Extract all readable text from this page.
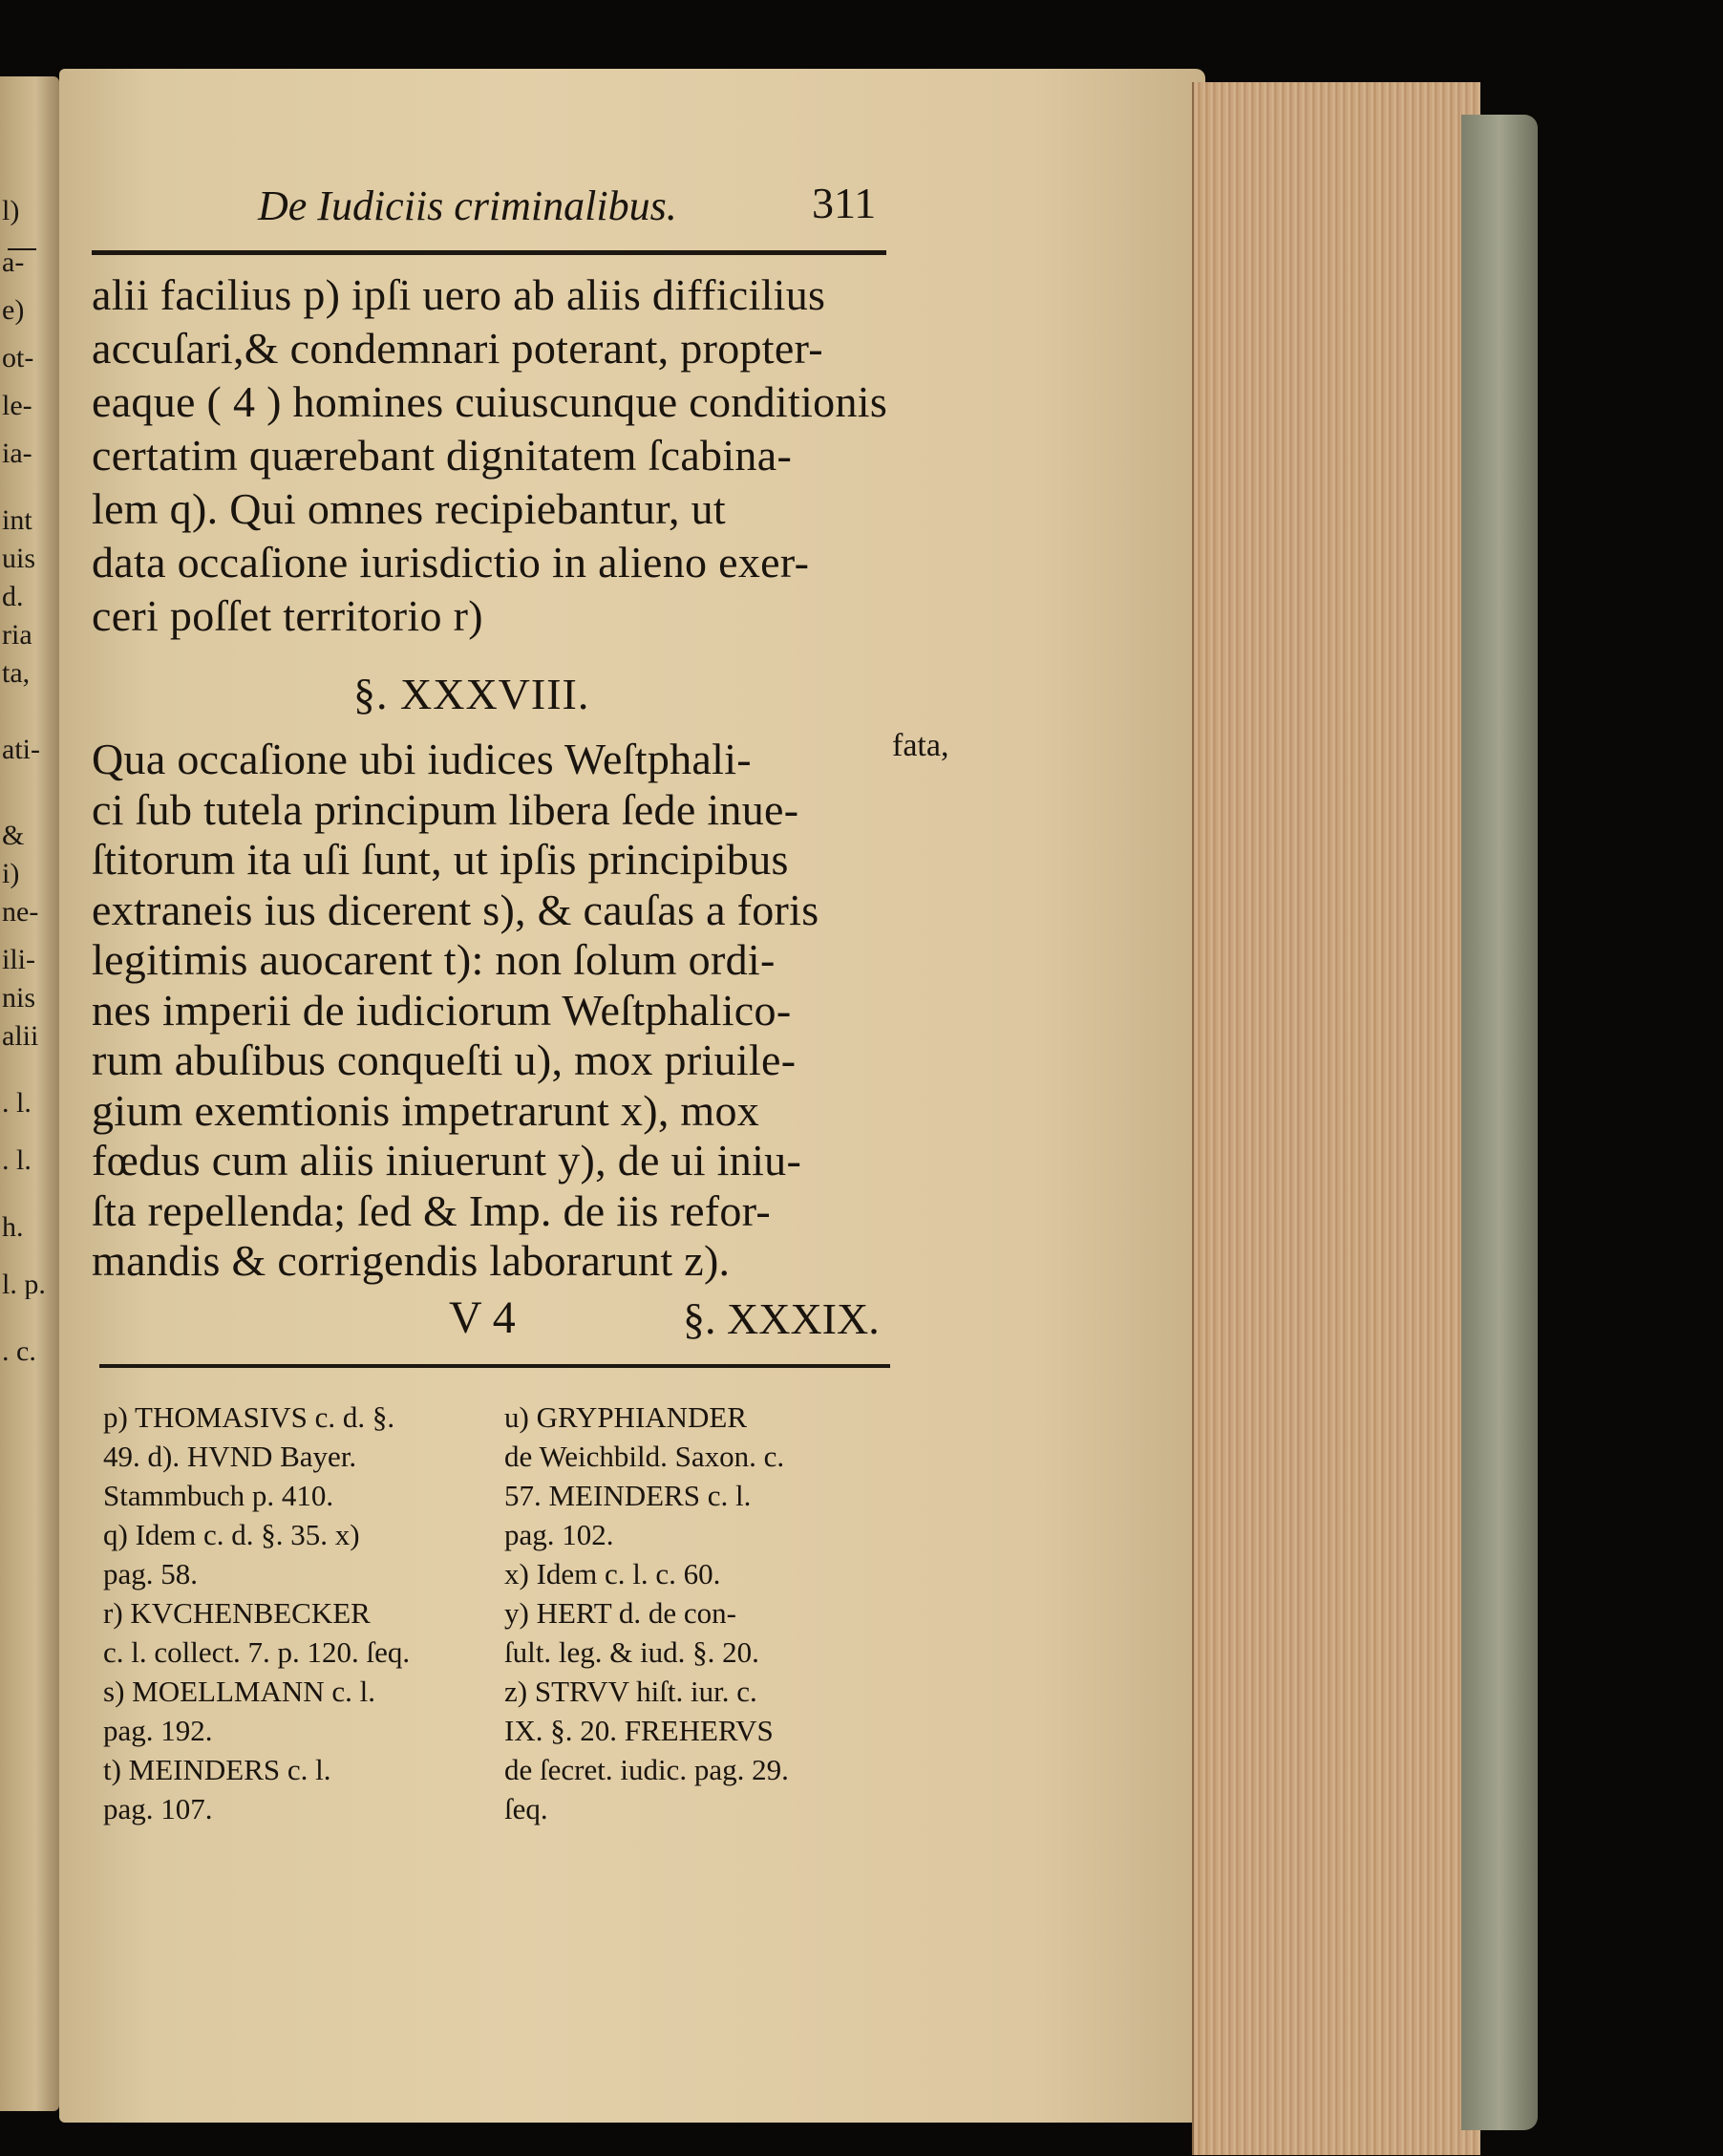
l)
a-
e)
ot-
le-
ia-
int
uis
d.
ria
ta,
ati-
&
i)
ne-
ili-
nis
alii
. l.
. l.
h.
l. p.
. c.
De Iudiciis criminalibus.	311
alii facilius p) ipſi uero ab aliis difficilius
accuſari,& condemnari poterant, propter-
eaque ( 4 ) homines cuiuscunque conditionis
certatim quærebant dignitatem ſcabina-
lem q). Qui omnes recipiebantur, ut
data occaſione iurisdictio in alieno exer-
ceri poſſet territorio r)
§. XXXVIII.
fata,
Qua occaſione ubi iudices Weſtphali-
ci ſub tutela principum libera ſede inue-
ſtitorum ita uſi ſunt, ut ipſis principibus
extraneis ius dicerent s), & cauſas a foris
legitimis auocarent t): non ſolum ordi-
nes imperii de iudiciorum Weſtphalico-
rum abuſibus conqueſti u), mox priuile-
gium exemtionis impetrarunt x), mox
fœdus cum aliis iniuerunt y), de ui iniu-
ſta repellenda; ſed & Imp. de iis refor-
mandis & corrigendis laborarunt z).
V 4	§. XXXIX.
p) THOMASIVS c. d. §.
49. d). HVND Bayer.
Stammbuch p. 410.
q) Idem c. d. §. 35. x)
pag. 58.
r) KVCHENBECKER
c. l. collect. 7. p. 120. ſeq.
s) MOELLMANN c. l.
pag. 192.
t) MEINDERS c. l.
pag. 107.
u) GRYPHIANDER
de Weichbild. Saxon. c.
57. MEINDERS c. l.
pag. 102.
x) Idem c. l. c. 60.
y) HERT d. de con-
ſult. leg. & iud. §. 20.
z) STRVV hiſt. iur. c.
IX. §. 20. FREHERVS
de ſecret. iudic. pag. 29.
ſeq.
